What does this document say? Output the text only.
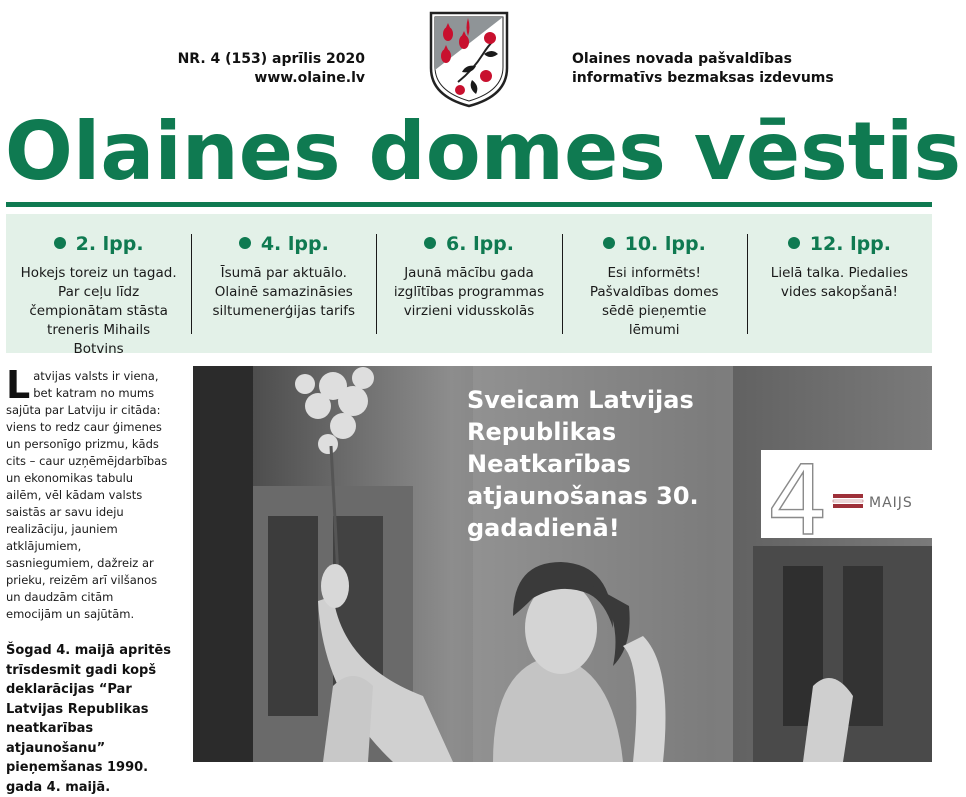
NR. 4 (153) aprīlis 2020
www.olaine.lv
Olaines novada pašvaldības
informatīvs bezmaksas izdevums
Olaines domes vēstis
2. lpp.
Hokejs toreiz un tagad. Par ceļu līdz čempionātam stāsta treneris Mihails Botvins
4. lpp.
Īsumā par aktuālo. Olainē samazināsies siltumenerģijas tarifs
6. lpp.
Jaunā mācību gada izglītības programmas virzieni vidusskolās
10. lpp.
Esi informēts! Pašvaldības domes sēdē pieņemtie lēmumi
12. lpp.
Lielā talka. Piedalies vides sakopšanā!
Latvijas valsts ir viena, bet katram no mums sajūta par Latviju ir citāda: viens to redz caur ģimenes un personīgo prizmu, kāds cits – caur uzņēmējdarbības un ekonomikas tabulu ailēm, vēl kādam valsts saistās ar savu ideju realizāciju, jauniem atklājumiem, sasniegumiem, dažreiz ar prieku, reizēm arī vilšanos un daudzām citām emocijām un sajūtām.
Šogad 4. maijā apritēs trīsdesmit gadi kopš deklarācijas “Par Latvijas Republikas neatkarības atjaunošanu” pieņemšanas 1990. gada 4. maijā.
Sveicam Latvijas Republikas Neatkarības atjaunošanas 30. gadadienā!	4	MAIJS
